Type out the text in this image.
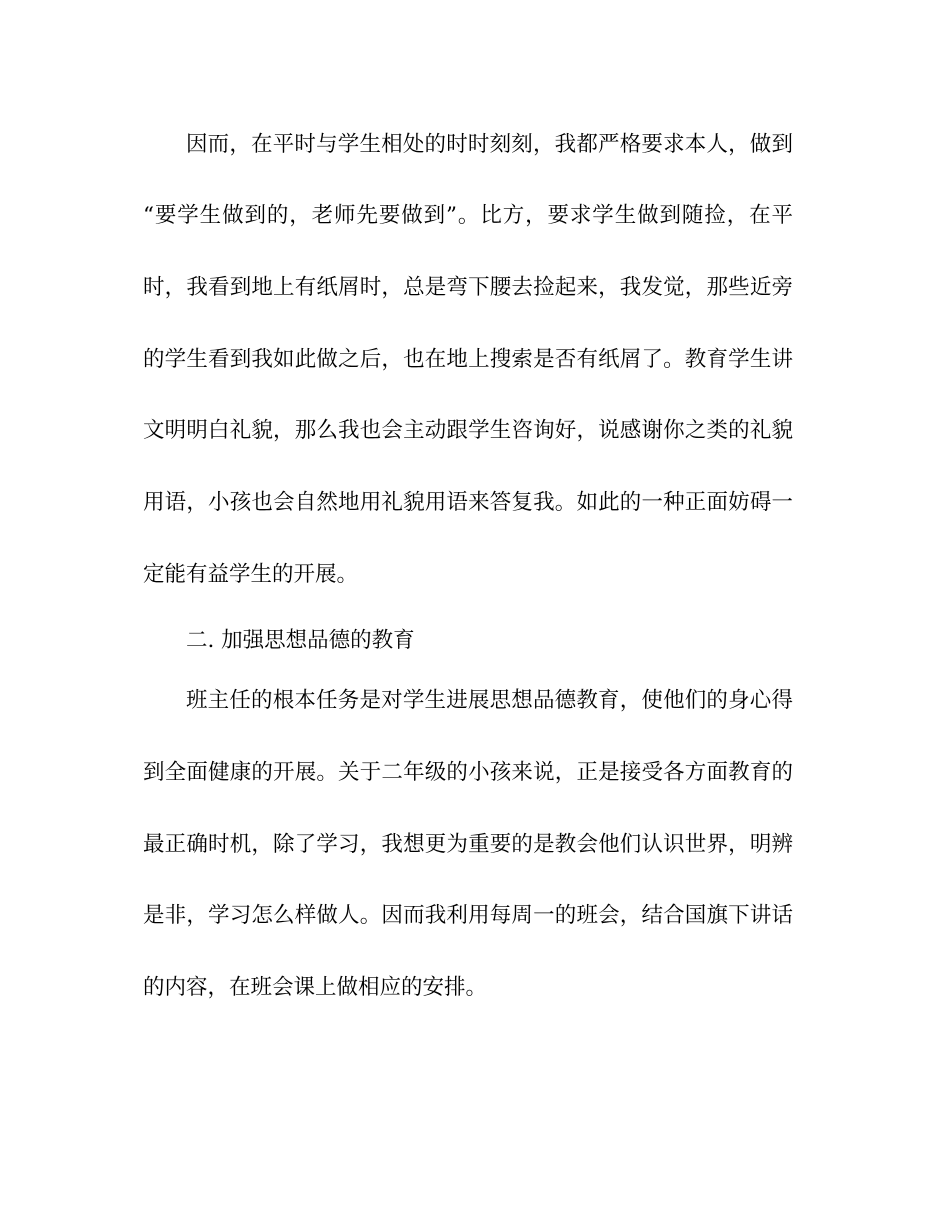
因而，在平时与学生相处的时时刻刻，我都严格要求本人，做到

“要学生做到的，老师先要做到”。比方，要求学生做到随捡，在平

时，我看到地上有纸屑时，总是弯下腰去捡起来，我发觉，那些近旁

的学生看到我如此做之后，也在地上搜索是否有纸屑了。教育学生讲

文明明白礼貌，那么我也会主动跟学生咨询好，说感谢你之类的礼貌

用语，小孩也会自然地用礼貌用语来答复我。如此的一种正面妨碍一

定能有益学生的开展。

二. 加强思想品德的教育

班主任的根本任务是对学生进展思想品德教育，使他们的身心得

到全面健康的开展。关于二年级的小孩来说，正是接受各方面教育的

最正确时机，除了学习，我想更为重要的是教会他们认识世界，明辨

是非，学习怎么样做人。因而我利用每周一的班会，结合国旗下讲话

的内容，在班会课上做相应的安排。
